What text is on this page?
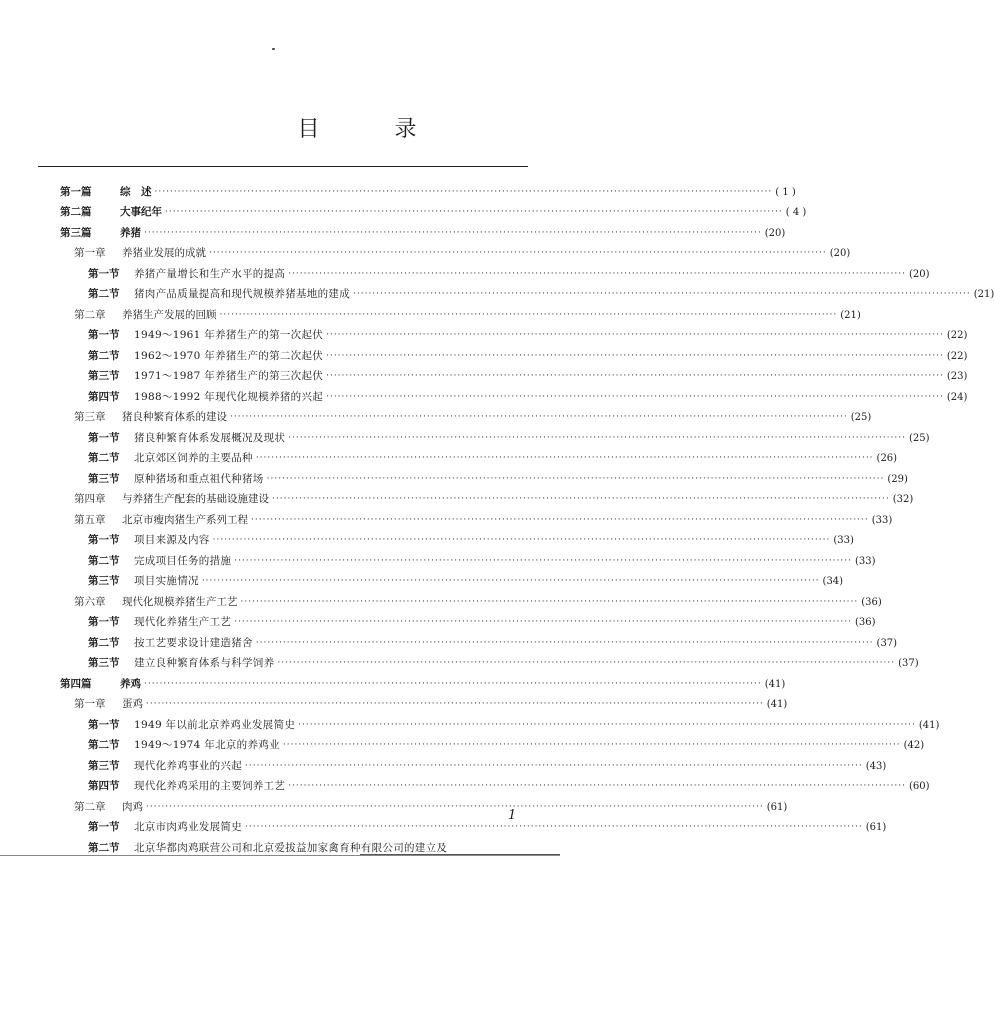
目 录
第一篇	综　述 ································································································································································ ( 1 )
第二篇	大事纪年 ································································································································································ ( 4 )
第三篇	养猪 ································································································································································ (20)
第一章	养猪业发展的成就 ································································································································································ (20)
第一节	养猪产量增长和生产水平的提高 ································································································································································ (20)
第二节	猪肉产品质量提高和现代规模养猪基地的建成 ································································································································································ (21)
第二章	养猪生产发展的回顾 ································································································································································ (21)
第一节	1949～1961 年养猪生产的第一次起伏 ································································································································································ (22)
第二节	1962～1970 年养猪生产的第二次起伏 ································································································································································ (22)
第三节	1971～1987 年养猪生产的第三次起伏 ································································································································································ (23)
第四节	1988～1992 年现代化规模养猪的兴起 ································································································································································ (24)
第三章	猪良种繁育体系的建设 ································································································································································ (25)
第一节	猪良种繁育体系发展概况及现状 ································································································································································ (25)
第二节	北京郊区饲养的主要品种 ································································································································································ (26)
第三节	原种猪场和重点祖代种猪场 ································································································································································ (29)
第四章	与养猪生产配套的基础设施建设 ································································································································································ (32)
第五章	北京市瘦肉猪生产系列工程 ································································································································································ (33)
第一节	项目来源及内容 ································································································································································ (33)
第二节	完成项目任务的措施 ································································································································································ (33)
第三节	项目实施情况 ································································································································································ (34)
第六章	现代化规模养猪生产工艺 ································································································································································ (36)
第一节	现代化养猪生产工艺 ································································································································································ (36)
第二节	按工艺要求设计建造猪舍 ································································································································································ (37)
第三节	建立良种繁育体系与科学饲养 ································································································································································ (37)
第四篇	养鸡 ································································································································································ (41)
第一章	蛋鸡 ································································································································································ (41)
第一节	1949 年以前北京养鸡业发展简史 ································································································································································ (41)
第二节	1949～1974 年北京的养鸡业 ································································································································································ (42)
第三节	现代化养鸡事业的兴起 ································································································································································ (43)
第四节	现代化养鸡采用的主要饲养工艺 ································································································································································ (60)
第二章	肉鸡 ································································································································································ (61)
第一节	北京市肉鸡业发展简史 ································································································································································ (61)
第二节	北京华都肉鸡联营公司和北京爱拔益加家禽育种有限公司的建立及
1
